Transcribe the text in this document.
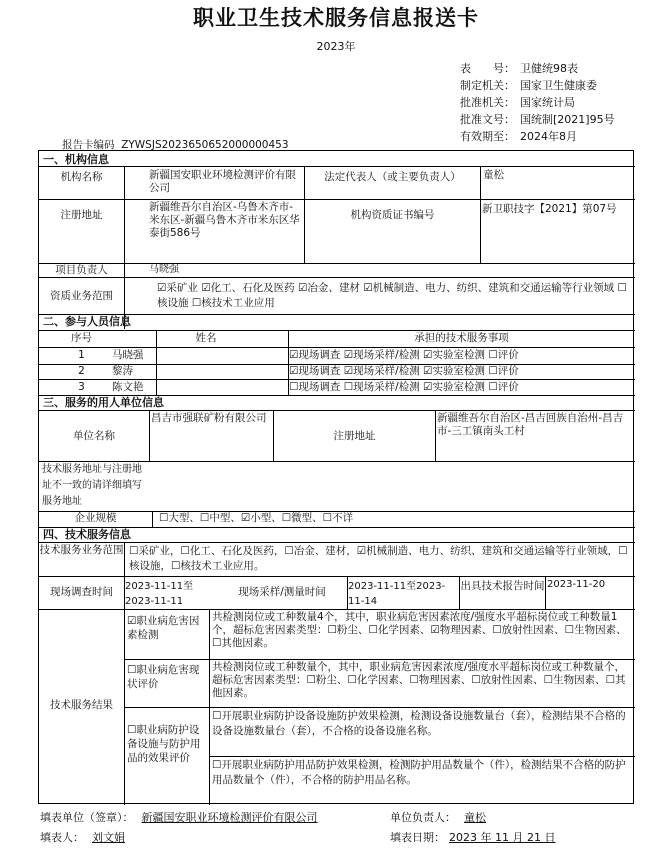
职业卫生技术服务信息报送卡
2023年
表　　号： 卫健统98表
制定机关： 国家卫生健康委
批准机关： 国家统计局
批准文号： 国统制[2021]95号
有效期至： 2024年8月
报告卡编码 ZYWSJS2023650652000000453
一、机构信息
机构名称	新疆国安职业环境检测评价有限公司
法定代表人（或主要负责人）	童松
注册地址
新疆维吾尔自治区-乌鲁木齐市-米东区-新疆乌鲁木齐市米东区华泰街586号
机构资质证书编号	新卫职技字【2021】第07号
项目负责人	马晓强
资质业务范围
☑采矿业 ☑化工、石化及医药 ☑冶金、建材 ☑机械制造、电力、纺织、建筑和交通运输等行业领域 ☐核设施 ☐核技术工业应用
二、参与人员信息
序号	姓名	承担的技术服务事项
1	马晓强	☑现场调查 ☑现场采样/检测 ☑实验室检测 ☐评价
2	黎涛	☑现场调查 ☑现场采样/检测 ☑实验室检测 ☐评价
3	陈文艳	☐现场调查 ☐现场采样/检测 ☑实验室检测 ☐评价
三、服务的用人单位信息
单位名称
昌吉市强联矿粉有限公司
注册地址
新疆维吾尔自治区-昌吉回族自治州-昌吉市-三工镇南头工村
技术服务地址与注册地址不一致的请详细填写服务地址
企业规模	☐大型、☐中型、☑小型、☐微型、☐不详
四、技术服务信息
技术服务业务范围 ☐采矿业，☐化工、石化及医药，☐冶金、建材，☑机械制造、电力、纺织、建筑和交通运输等行业领域，☐核设施，☐核技术工业应用。
现场调查时间	2023-11-11至2023-11-11
现场采样/测量时间	2023-11-11至2023-11-14
出具技术报告时间 2023-11-20
技术服务结果
☑职业病危害因素检测
共检测岗位或工种数量4个，其中，职业病危害因素浓度/强度水平超标岗位或工种数量1个，超标危害因素类型：☐粉尘、☐化学因素、☑物理因素、☐放射性因素、☐生物因素、☐其他因素。
☐职业病危害现状评价
共检测岗位或工种数量个，其中，职业病危害因素浓度/强度水平超标岗位或工种数量个，超标危害因素类型：☐粉尘、☐化学因素、☐物理因素、☐放射性因素、☐生物因素、☐其他因素。
☐职业病防护设备设施与防护用品的效果评价
☐开展职业病防护设备设施防护效果检测，检测设备设施数量台（套），检测结果不合格的设备设施数量台（套），不合格的设备设施名称。
☐开展职业病防护用品防护效果检测，检测防护用品数量个（件），检测结果不合格的防护用品数量个（件），不合格的防护用品名称。
填表单位（签章）： 新疆国安职业环境检测评价有限公司	单位负责人： 童松
填表人： 刘文娟	填表日期： 2023 年 11 月 21 日
